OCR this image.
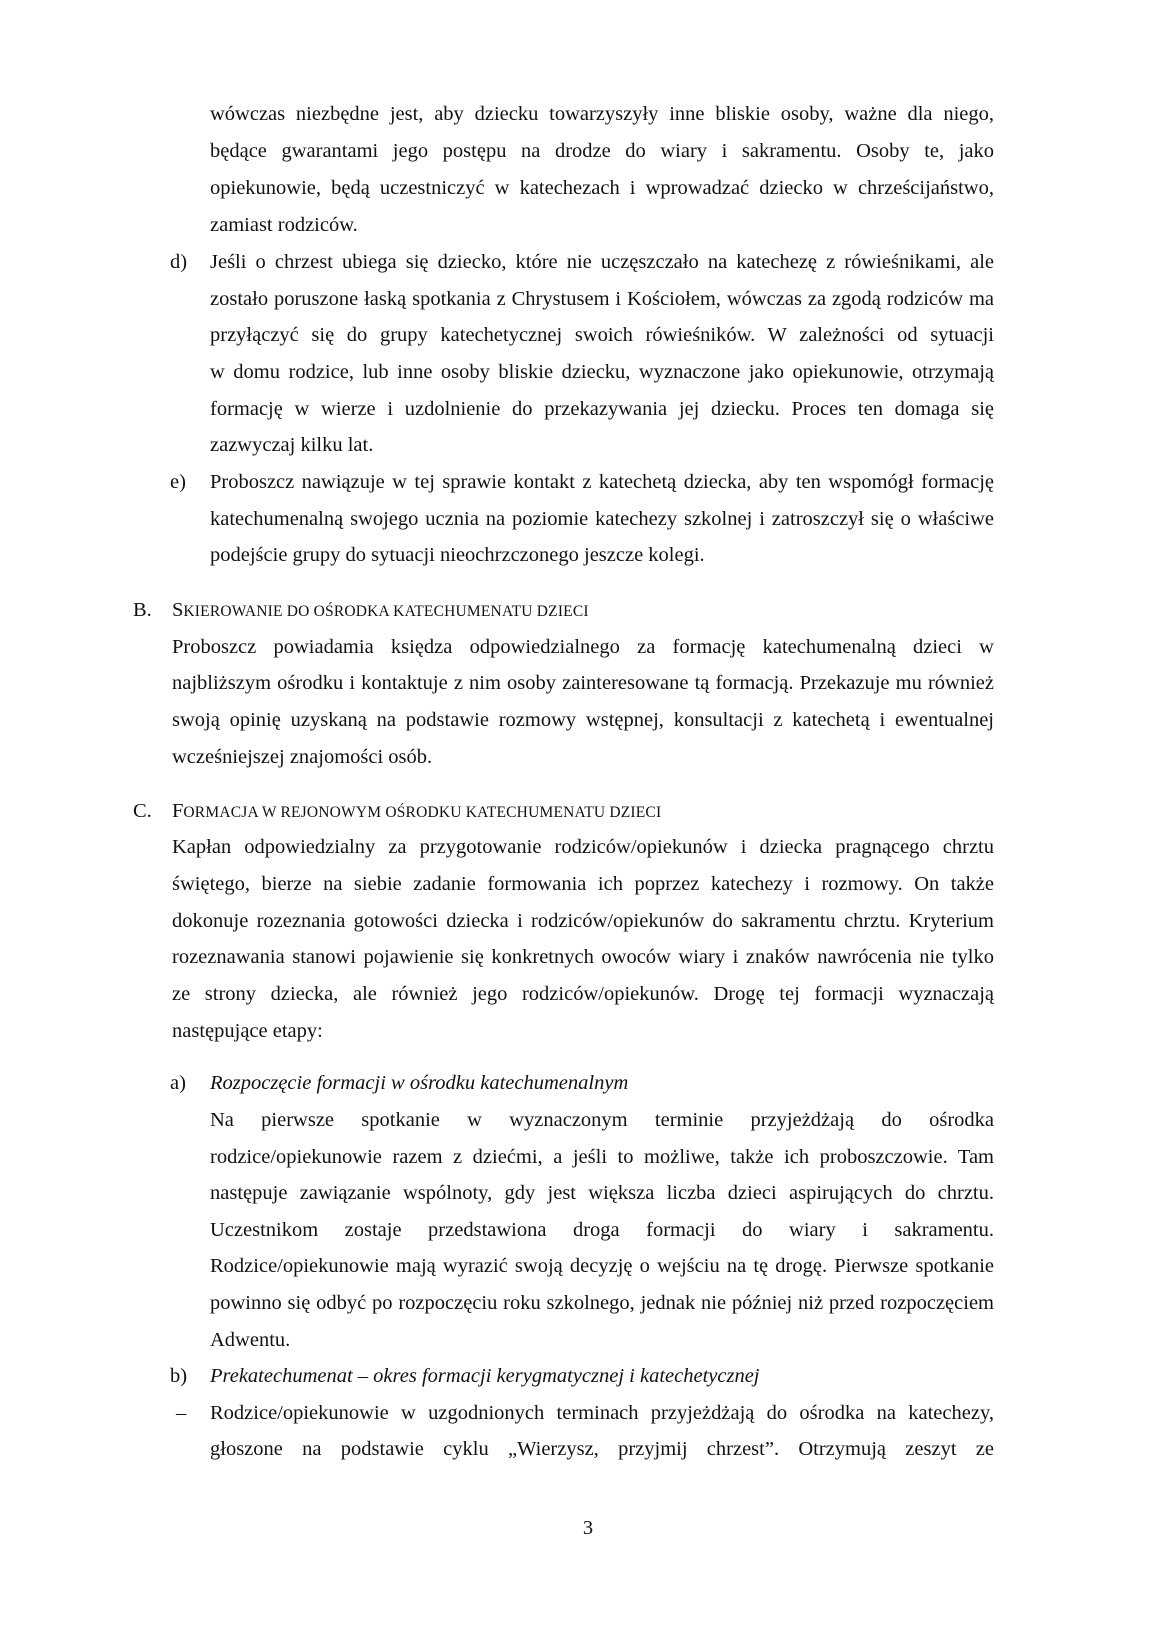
wówczas niezbędne jest, aby dziecku towarzyszyły inne bliskie osoby, ważne dla niego,
będące gwarantami jego postępu na drodze do wiary i sakramentu. Osoby te, jako
opiekunowie, będą uczestniczyć w katechezach i wprowadzać dziecko w chrześcijaństwo,
zamiast rodziców.
d) Jeśli o chrzest ubiega się dziecko, które nie uczęszczało na katechezę z rówieśnikami, ale
zostało poruszone łaską spotkania z Chrystusem i Kościołem, wówczas za zgodą rodziców ma
przyłączyć się do grupy katechetycznej swoich rówieśników. W zależności od sytuacji
w domu rodzice, lub inne osoby bliskie dziecku, wyznaczone jako opiekunowie, otrzymają
formację w wierze i uzdolnienie do przekazywania jej dziecku. Proces ten domaga się
zazwyczaj kilku lat.
e) Proboszcz nawiązuje w tej sprawie kontakt z katechetą dziecka, aby ten wspomógł formację
katechumenalną swojego ucznia na poziomie katechezy szkolnej i zatroszczył się o właściwe
podejście grupy do sytuacji nieochrzczonego jeszcze kolegi.
B. SKIEROWANIE DO OŚRODKA KATECHUMENATU DZIECI
Proboszcz powiadamia księdza odpowiedzialnego za formację katechumenalną dzieci w
najbliższym ośrodku i kontaktuje z nim osoby zainteresowane tą formacją. Przekazuje mu również
swoją opinię uzyskaną na podstawie rozmowy wstępnej, konsultacji z katechetą i ewentualnej
wcześniejszej znajomości osób.
C. FORMACJA W REJONOWYM OŚRODKU KATECHUMENATU DZIECI
Kapłan odpowiedzialny za przygotowanie rodziców/opiekunów i dziecka pragnącego chrztu
świętego, bierze na siebie zadanie formowania ich poprzez katechezy i rozmowy. On także
dokonuje rozeznania gotowości dziecka i rodziców/opiekunów do sakramentu chrztu. Kryterium
rozeznawania stanowi pojawienie się konkretnych owoców wiary i znaków nawrócenia nie tylko
ze strony dziecka, ale również jego rodziców/opiekunów. Drogę tej formacji wyznaczają
następujące etapy:
a) Rozpoczęcie formacji w ośrodku katechumenalnym
Na pierwsze spotkanie w wyznaczonym terminie przyjeżdżają do ośrodka
rodzice/opiekunowie razem z dziećmi, a jeśli to możliwe, także ich proboszczowie. Tam
następuje zawiązanie wspólnoty, gdy jest większa liczba dzieci aspirujących do chrztu.
Uczestnikom zostaje przedstawiona droga formacji do wiary i sakramentu.
Rodzice/opiekunowie mają wyrazić swoją decyzję o wejściu na tę drogę. Pierwsze spotkanie
powinno się odbyć po rozpoczęciu roku szkolnego, jednak nie później niż przed rozpoczęciem
Adwentu.
b) Prekatechumenat – okres formacji kerygmatycznej i katechetycznej
– Rodzice/opiekunowie w uzgodnionych terminach przyjeżdżają do ośrodka na katechezy,
głoszone na podstawie cyklu „Wierzysz, przyjmij chrzest”. Otrzymują zeszyt ze
3
